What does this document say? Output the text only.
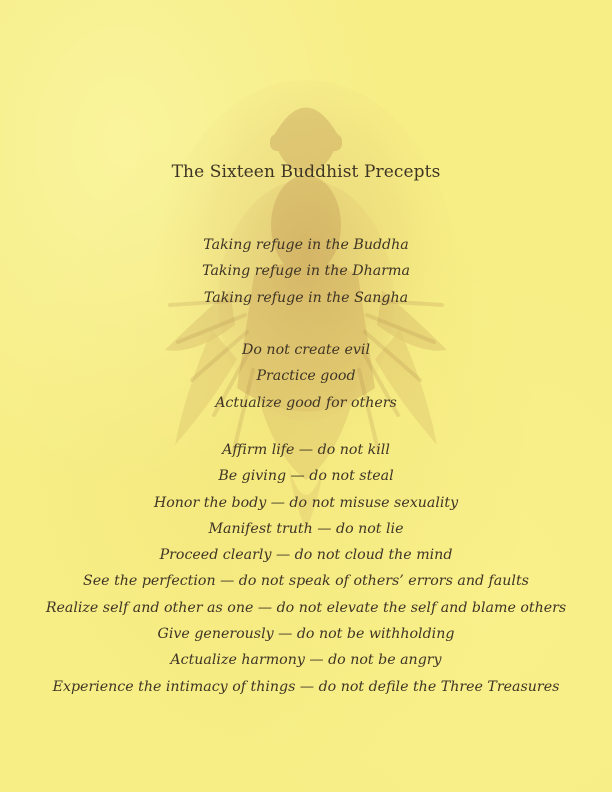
The Sixteen Buddhist Precepts
Taking refuge in the Buddha
Taking refuge in the Dharma
Taking refuge in the Sangha
Do not create evil
Practice good
Actualize good for others
Affirm life — do not kill
Be giving — do not steal
Honor the body — do not misuse sexuality
Manifest truth — do not lie
Proceed clearly — do not cloud the mind
See the perfection — do not speak of others’ errors and faults
Realize self and other as one — do not elevate the self and blame others
Give generously — do not be withholding
Actualize harmony — do not be angry
Experience the intimacy of things — do not defile the Three Treasures
